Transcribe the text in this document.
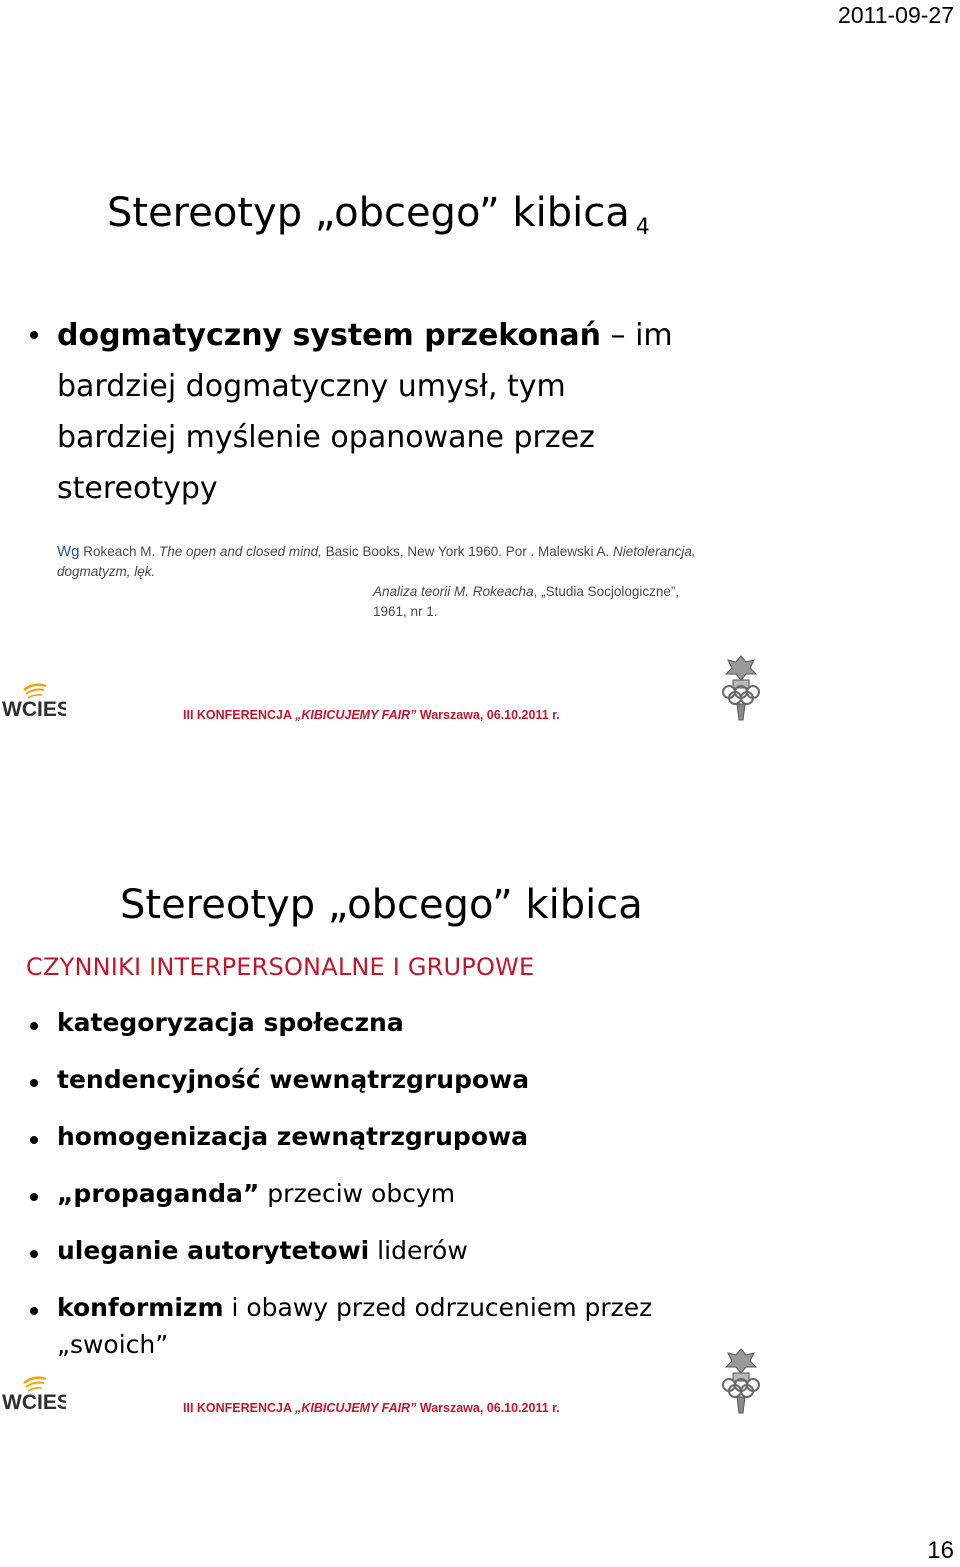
2011-09-27
Stereotyp „obcego” kibica $_4$
dogmatyczny system przekonań – im
bardziej dogmatyczny umysł, tym
bardziej myślenie opanowane przez
stereotypy
Wg Rokeach M. The open and closed mind, Basic Books, New York 1960. Por . Malewski A. Nietolerancja, dogmatyzm, lęk.
Analiza teorii M. Rokeacha, „Studia Socjologiczne”, 1961, nr 1.
WCIES	III KONFERENCJA „KIBICUJEMY FAIR” Warszawa, 06.10.2011 r.
Stereotyp „obcego” kibica
CZYNNIKI INTERPERSONALNE I GRUPOWE
kategoryzacja społeczna
tendencyjność wewnątrzgrupowa
homogenizacja zewnątrzgrupowa
„propaganda” przeciw obcym
uleganie autorytetowi liderów
konformizm i obawy przed odrzuceniem przez
„swoich”
WCIES	III KONFERENCJA „KIBICUJEMY FAIR” Warszawa, 06.10.2011 r.
16
